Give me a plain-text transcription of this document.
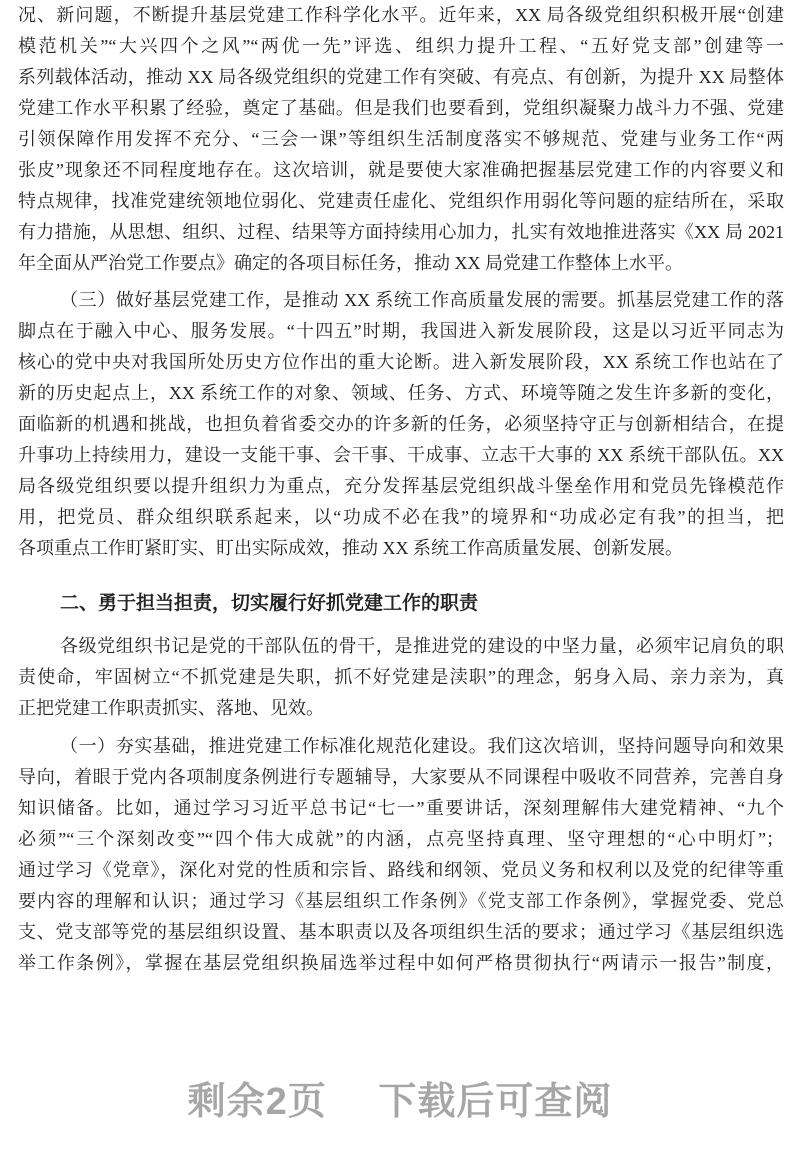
况、新问题，不断提升基层党建工作科学化水平。近年来，XX 局各级党组织积极开展“创建
模范机关”“大兴四个之风”“两优一先”评选、组织力提升工程、“五好党支部”创建等一
系列载体活动，推动 XX 局各级党组织的党建工作有突破、有亮点、有创新，为提升 XX 局整体
党建工作水平积累了经验，奠定了基础。但是我们也要看到，党组织凝聚力战斗力不强、党建
引领保障作用发挥不充分、“三会一课”等组织生活制度落实不够规范、党建与业务工作“两
张皮”现象还不同程度地存在。这次培训，就是要使大家准确把握基层党建工作的内容要义和
特点规律，找准党建统领地位弱化、党建责任虚化、党组织作用弱化等问题的症结所在，采取
有力措施，从思想、组织、过程、结果等方面持续用心加力，扎实有效地推进落实《XX 局 2021
年全面从严治党工作要点》确定的各项目标任务，推动 XX 局党建工作整体上水平。
（三）做好基层党建工作，是推动 XX 系统工作高质量发展的需要。抓基层党建工作的落
脚点在于融入中心、服务发展。“十四五”时期，我国进入新发展阶段，这是以习近平同志为
核心的党中央对我国所处历史方位作出的重大论断。进入新发展阶段，XX 系统工作也站在了
新的历史起点上，XX 系统工作的对象、领域、任务、方式、环境等随之发生许多新的变化，
面临新的机遇和挑战，也担负着省委交办的许多新的任务，必须坚持守正与创新相结合，在提
升事功上持续用力，建设一支能干事、会干事、干成事、立志干大事的 XX 系统干部队伍。XX
局各级党组织要以提升组织力为重点，充分发挥基层党组织战斗堡垒作用和党员先锋模范作
用，把党员、群众组织联系起来，以“功成不必在我”的境界和“功成必定有我”的担当，把
各项重点工作盯紧盯实、盯出实际成效，推动 XX 系统工作高质量发展、创新发展。
二、勇于担当担责，切实履行好抓党建工作的职责
各级党组织书记是党的干部队伍的骨干，是推进党的建设的中坚力量，必须牢记肩负的职
责使命，牢固树立“不抓党建是失职，抓不好党建是渎职”的理念，躬身入局、亲力亲为，真
正把党建工作职责抓实、落地、见效。
（一）夯实基础，推进党建工作标准化规范化建设。我们这次培训，坚持问题导向和效果
导向，着眼于党内各项制度条例进行专题辅导，大家要从不同课程中吸收不同营养，完善自身
知识储备。比如，通过学习习近平总书记“七一”重要讲话，深刻理解伟大建党精神、“九个
必须”“三个深刻改变”“四个伟大成就”的内涵，点亮坚持真理、坚守理想的“心中明灯”；
通过学习《党章》，深化对党的性质和宗旨、路线和纲领、党员义务和权利以及党的纪律等重
要内容的理解和认识；通过学习《基层组织工作条例》《党支部工作条例》，掌握党委、党总
支、党支部等党的基层组织设置、基本职责以及各项组织生活的要求；通过学习《基层组织选
举工作条例》，掌握在基层党组织换届选举过程中如何严格贯彻执行“两请示一报告”制度，
剩余2页 下载后可查阅
